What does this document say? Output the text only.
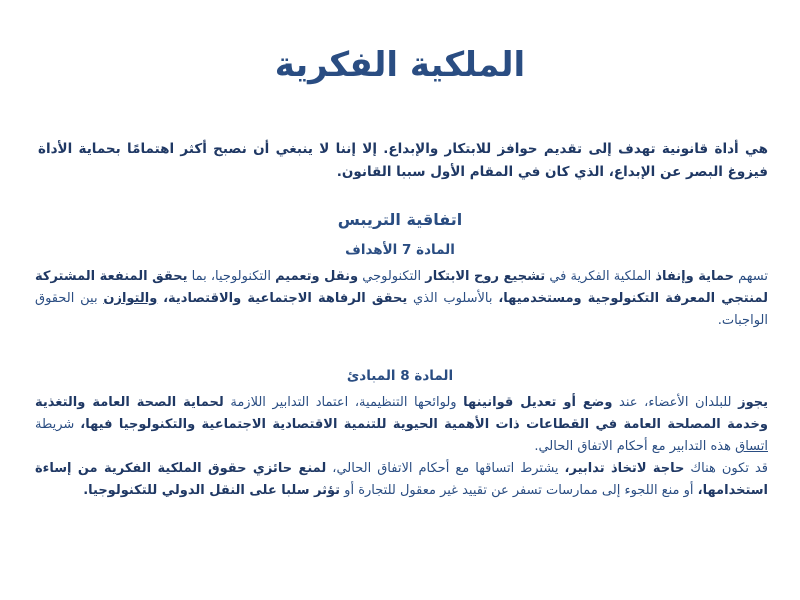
الملكية الفكرية
هي أداة قانونية تهدف إلى تقديم حوافز للابتكار والإبداع. إلا إننا لا ينبغي أن نصبح أكثر اهتمامًا بحماية الأداة فيزوغ البصر عن الإبداع، الذي كان في المقام الأول سببا القانون.
اتفاقية التريبس
المادة 7 الأهداف
تسهم حماية وإنفاذ الملكية الفكرية في تشجيع روح الابتكار التكنولوجي ونقل وتعميم التكنولوجيا، بما يحقق المنفعة المشتركة لمنتجي المعرفة التكنولوجية ومستخدميها، بالأسلوب الذي يحقق الرفاهة الاجتماعية والاقتصادية، والتوازن بين الحقوق الواجبات.
المادة 8 المبادئ
يجوز للبلدان الأعضاء، عند وضع أو تعديل قوانينها ولوائحها التنظيمية، اعتماد التدابير اللازمة لحماية الصحة العامة والتغذية وخدمة المصلحة العامة في القطاعات ذات الأهمية الحيوية للتنمية الاقتصادية الاجتماعية والتكنولوجيا فيها، شريطة اتساق هذه التدابير مع أحكام الاتفاق الحالي.
قد تكون هناك حاجة لاتخاذ تدابير، يشترط اتساقها مع أحكام الاتفاق الحالي، لمنع حائزي حقوق الملكية الفكرية من إساءة استخدامها، أو منع اللجوء إلى ممارسات تسفر عن تقييد غير معقول للتجارة أو تؤثر سلبا على النقل الدولي للتكنولوجيا.
